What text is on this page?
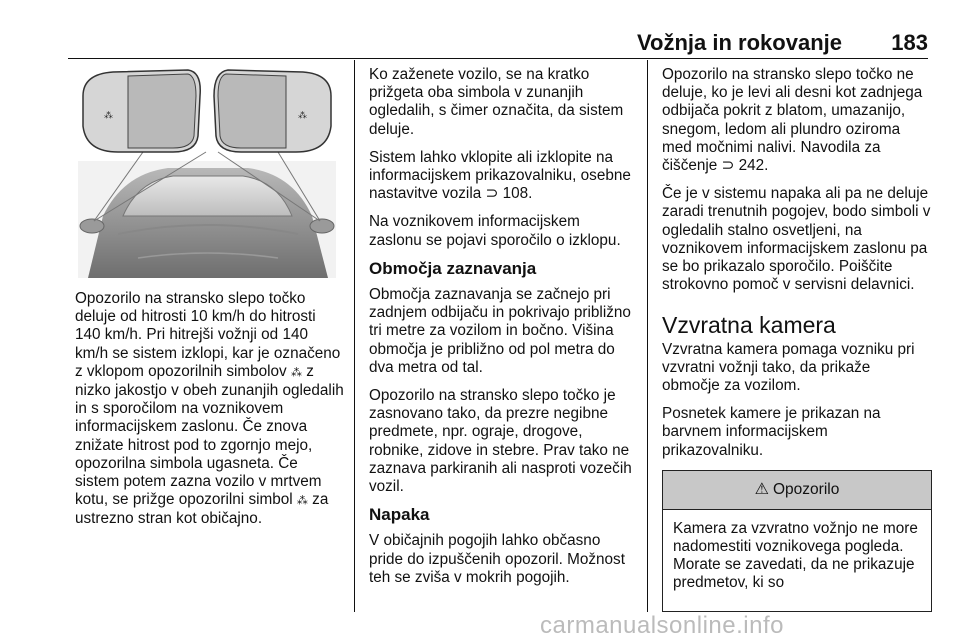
Vožnja in rokovanje 183
⁂	⁂

Opozorilo na stransko slepo točko deluje od hitrosti 10 km/h do hitrosti 140 km/h. Pri hitrejši vožnji od 140 km/h se sistem izklopi, kar je označeno z vklopom opozorilnih simbolov ⁂ z nizko jakostjo v obeh zunanjih ogledalih in s sporočilom na voznikovem informacijskem zaslonu. Če znova znižate hitrost pod to zgornjo mejo, opozorilna simbola ugasneta. Če sistem potem zazna vozilo v mrtvem kotu, se prižge opozorilni simbol ⁂ za ustrezno stran kot običajno.

Ko zaženete vozilo, se na kratko prižgeta oba simbola v zunanjih ogledalih, s čimer označita, da sistem deluje.

Sistem lahko vklopite ali izklopite na informacijskem prikazovalniku, osebne nastavitve vozila ⊃ 108.

Na voznikovem informacijskem zaslonu se pojavi sporočilo o izklopu.

Območja zaznavanja

Območja zaznavanja se začnejo pri zadnjem odbijaču in pokrivajo približno tri metre za vozilom in bočno. Višina območja je približno od pol metra do dva metra od tal.

Opozorilo na stransko slepo točko je zasnovano tako, da prezre negibne predmete, npr. ograje, drogove, robnike, zidove in stebre. Prav tako ne zaznava parkiranih ali nasproti vozečih vozil.

Napaka

V običajnih pogojih lahko občasno pride do izpuščenih opozoril. Možnost teh se zviša v mokrih pogojih.

Opozorilo na stransko slepo točko ne deluje, ko je levi ali desni kot zadnjega odbijača pokrit z blatom, umazanijo, snegom, ledom ali plundro oziroma med močnimi nalivi. Navodila za čiščenje ⊃ 242.

Če je v sistemu napaka ali pa ne deluje zaradi trenutnih pogojev, bodo simboli v ogledalih stalno osvetljeni, na voznikovem informacijskem zaslonu pa se bo prikazalo sporočilo. Poiščite strokovno pomoč v servisni delavnici.

Vzvratna kamera

Vzvratna kamera pomaga vozniku pri vzvratni vožnji tako, da prikaže območje za vozilom.

Posnetek kamere je prikazan na barvnem informacijskem prikazovalniku.

⚠ Opozorilo
Kamera za vzvratno vožnjo ne more nadomestiti voznikovega pogleda. Morate se zavedati, da ne prikazuje predmetov, ki so
carmanualsonline.info
